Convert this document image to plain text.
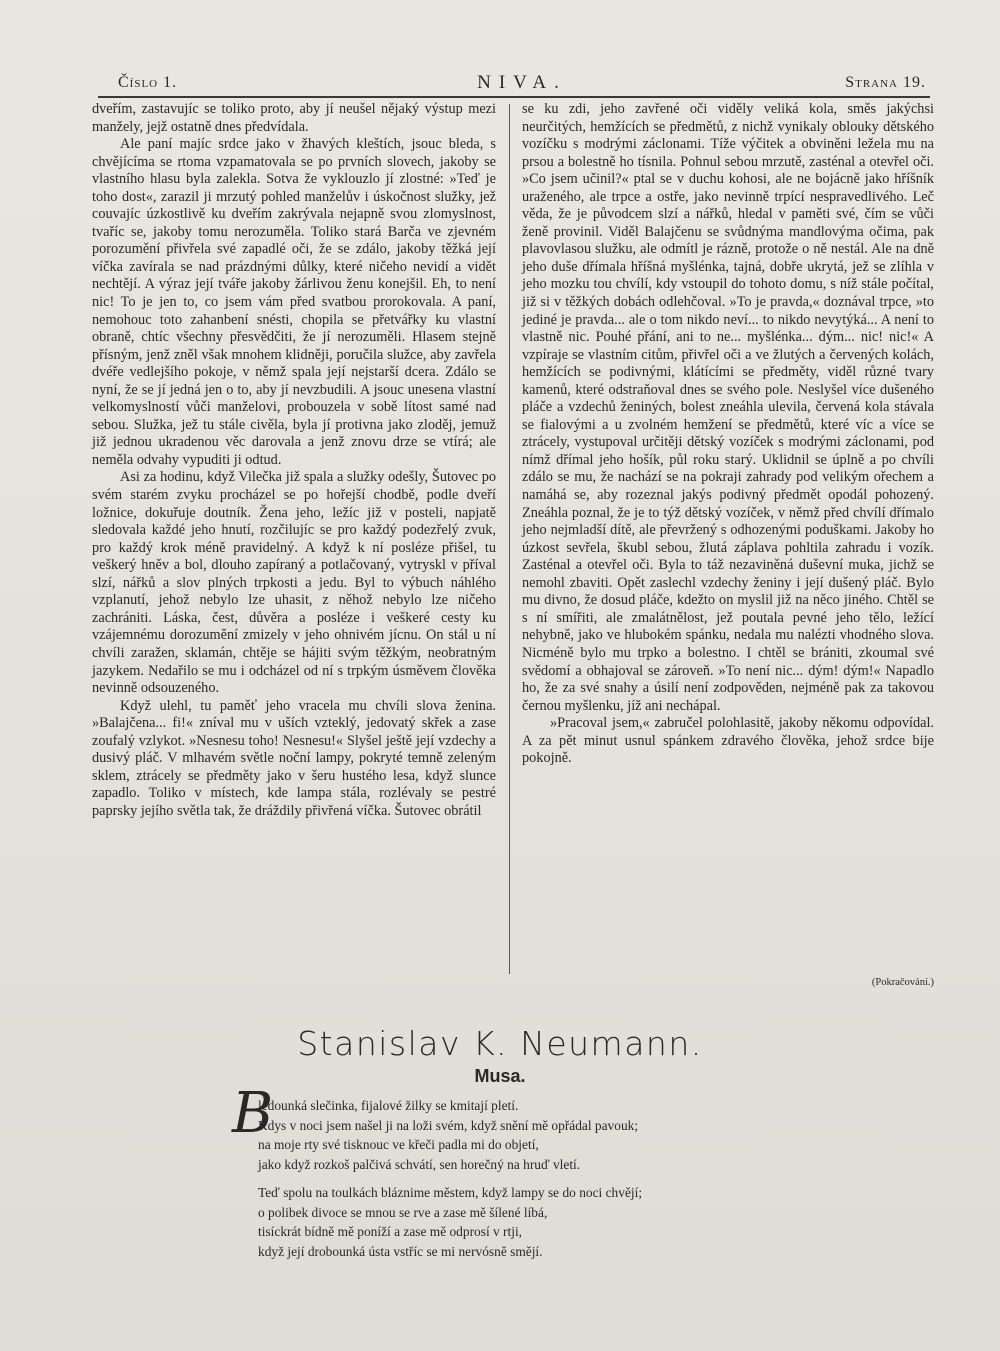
Číslo 1.	NIVA.	Strana 19.

dveřím, zastavujíc se toliko proto, aby jí neušel nějaký výstup mezi manžely, jejž ostatně dnes předvídala.

Ale paní majíc srdce jako v žhavých kleštích, jsouc bleda, s chvějícíma se rtoma vzpamatovala se po prvních slovech, jakoby se vlastního hlasu byla zalekla. Sotva že vyklouzlo jí zlostné: »Teď je toho dost«, zarazil ji mrzutý pohled manželův i úskočnost služky, jež couvajíc úzkostlivě ku dveřím zakrývala nejapně svou zlomyslnost, tvaříc se, jakoby tomu nerozuměla. Toliko stará Barča ve zjevném porozumění přivřela své zapadlé oči, že se zdálo, jakoby těžká její víčka zavírala se nad prázdnými důlky, které ničeho nevidí a vidět nechtějí. A výraz její tváře jakoby žárlivou ženu konejšil. Eh, to není nic! To je jen to, co jsem vám před svatbou prorokovala. A paní, nemohouc toto zahanbení snésti, chopila se přetvářky ku vlastní obraně, chtíc všechny přesvědčiti, že jí nerozuměli. Hlasem stejně přísným, jenž zněl však mnohem klidněji, poručila služce, aby zavřela dvéře vedlejšího pokoje, v němž spala její nejstarší dcera. Zdálo se nyní, že se jí jedná jen o to, aby jí nevzbudili. A jsouc unesena vlastní velkomyslností vůči manželovi, probouzela v sobě lítost samé nad sebou. Služka, jež tu stále civěla, byla jí protivna jako zloděj, jemuž již jednou ukradenou věc darovala a jenž znovu drze se vtírá; ale neměla odvahy vypuditi ji odtud.

Asi za hodinu, když Vilečka již spala a služky odešly, Šutovec po svém starém zvyku procházel se po hořejší chodbě, podle dveří ložnice, dokuřuje doutník. Žena jeho, ležíc již v posteli, napjatě sledovala každé jeho hnutí, rozčilujíc se pro každý podezřelý zvuk, pro každý krok méně pravidelný. A když k ní posléze přišel, tu veškerý hněv a bol, dlouho zapíraný a potlačovaný, vytryskl v příval slzí, nářků a slov plných trpkosti a jedu. Byl to výbuch náhlého vzplanutí, jehož nebylo lze uhasit, z něhož nebylo lze ničeho zachrániti. Láska, čest, důvěra a posléze i veškeré cesty ku vzájemnému dorozumění zmizely v jeho ohnivém jícnu. On stál u ní chvíli zaražen, sklamán, chtěje se hájiti svým těžkým, neobratným jazykem. Nedařilo se mu i odcházel od ní s trpkým úsměvem člověka nevinně odsouzeného.

Když ulehl, tu paměť jeho vracela mu chvíli slova ženina. »Balajčena... fi!« zníval mu v uších vzteklý, jedovatý skřek a zase zoufalý vzlykot. »Nesnesu toho! Nesnesu!« Slyšel ještě její vzdechy a dusivý pláč. V mlhavém světle noční lampy, pokryté temně zeleným sklem, ztrácely se předměty jako v šeru hustého lesa, když slunce zapadlo. Toliko v místech, kde lampa stála, rozlévaly se pestré paprsky jejího světla tak, že dráždily přivřená víčka. Šutovec obrátil

se ku zdi, jeho zavřené oči viděly veliká kola, směs jakýchsi neurčitých, hemžících se předmětů, z nichž vynikaly oblouky dětského vozíčku s modrými záclonami. Tíže výčitek a obviněni ležela mu na prsou a bolestně ho tísnila. Pohnul sebou mrzutě, zasténal a otevřel oči. »Co jsem učinil?« ptal se v duchu kohosi, ale ne bojácně jako hříšník uraženého, ale trpce a ostře, jako nevinně trpící nespravedlivého. Leč věda, že je původcem slzí a nářků, hledal v paměti své, čím se vůči ženě provinil. Viděl Balajčenu se svůdnýma mandlovýma očima, pak plavovlasou služku, ale odmítl je rázně, protože o ně nestál. Ale na dně jeho duše dřímala hříšná myšlénka, tajná, dobře ukrytá, jež se zlíhla v jeho mozku tou chvílí, kdy vstoupil do tohoto domu, s níž stále počítal, již si v těžkých dobách odlehčoval. »To je pravda,« doznával trpce, »to jediné je pravda... ale o tom nikdo neví... to nikdo nevytýká... A není to vlastně nic. Pouhé přání, ani to ne... myšlénka... dým... nic! nic!« A vzpíraje se vlastním citům, přivřel oči a ve žlutých a červených kolách, hemžících se podivnými, klátícími se předměty, viděl různé tvary kamenů, které odstraňoval dnes se svého pole. Neslyšel více dušeného pláče a vzdechů ženiných, bolest zneáhla ulevila, červená kola stávala se fialovými a u zvolném hemžení se předmětů, které víc a více se ztrácely, vystupoval určitěji dětský vozíček s modrými záclonami, pod nímž dřímal jeho hošík, půl roku starý. Uklidnil se úplně a po chvíli zdálo se mu, že nachází se na pokraji zahrady pod velikým ořechem a namáhá se, aby rozeznal jakýs podivný předmět opodál pohozený. Zneáhla poznal, že je to týž dětský vozíček, v němž před chvílí dřímalo jeho nejmladší dítě, ale převržený s odhozenými poduškami. Jakoby ho úzkost sevřela, škubl sebou, žlutá záplava pohltila zahradu i vozík. Zasténal a otevřel oči. Byla to táž nezaviněná duševní muka, jichž se nemohl zbaviti. Opět zaslechl vzdechy ženiny i její dušený pláč. Bylo mu divno, že dosud pláče, kdežto on myslil již na něco jiného. Chtěl se s ní smířiti, ale zmalátnělost, jež poutala pevné jeho tělo, ležící nehybně, jako ve hlubokém spánku, nedala mu nalézti vhodného slova. Nicméně bylo mu trpko a bolestno. I chtěl se brániti, zkoumal své svědomí a obhajoval se zároveň. »To není nic... dým! dým!« Napadlo ho, že za své snahy a úsilí není zodpověden, nejméně pak za takovou černou myšlenku, jíž ani nechápal.

»Pracoval jsem,« zabručel polohlasitě, jakoby někomu odpovídal. A za pět minut usnul spánkem zdravého člověka, jehož srdce bije pokojně.

(Pokračování.)
Stanislav K. Neumann.
Musa.
B
ledounká slečinka, fijalové žilky se kmitají pletí.
Kdys v noci jsem našel ji na loži svém, když snění mě opřádal pavouk;
na moje rty své tisknouc ve křeči padla mi do objetí,
jako když rozkoš palčivá schvátí, sen horečný na hruď vletí.
Teď spolu na toulkách bláznime městem, když lampy se do noci chvějí;
o polibek divoce se mnou se rve a zase mě šílené líbá,
tisíckrát bídně mě poníží a zase mě odprosí v rtji,
když její drobounká ústa vstříc se mi nervósně smějí.
